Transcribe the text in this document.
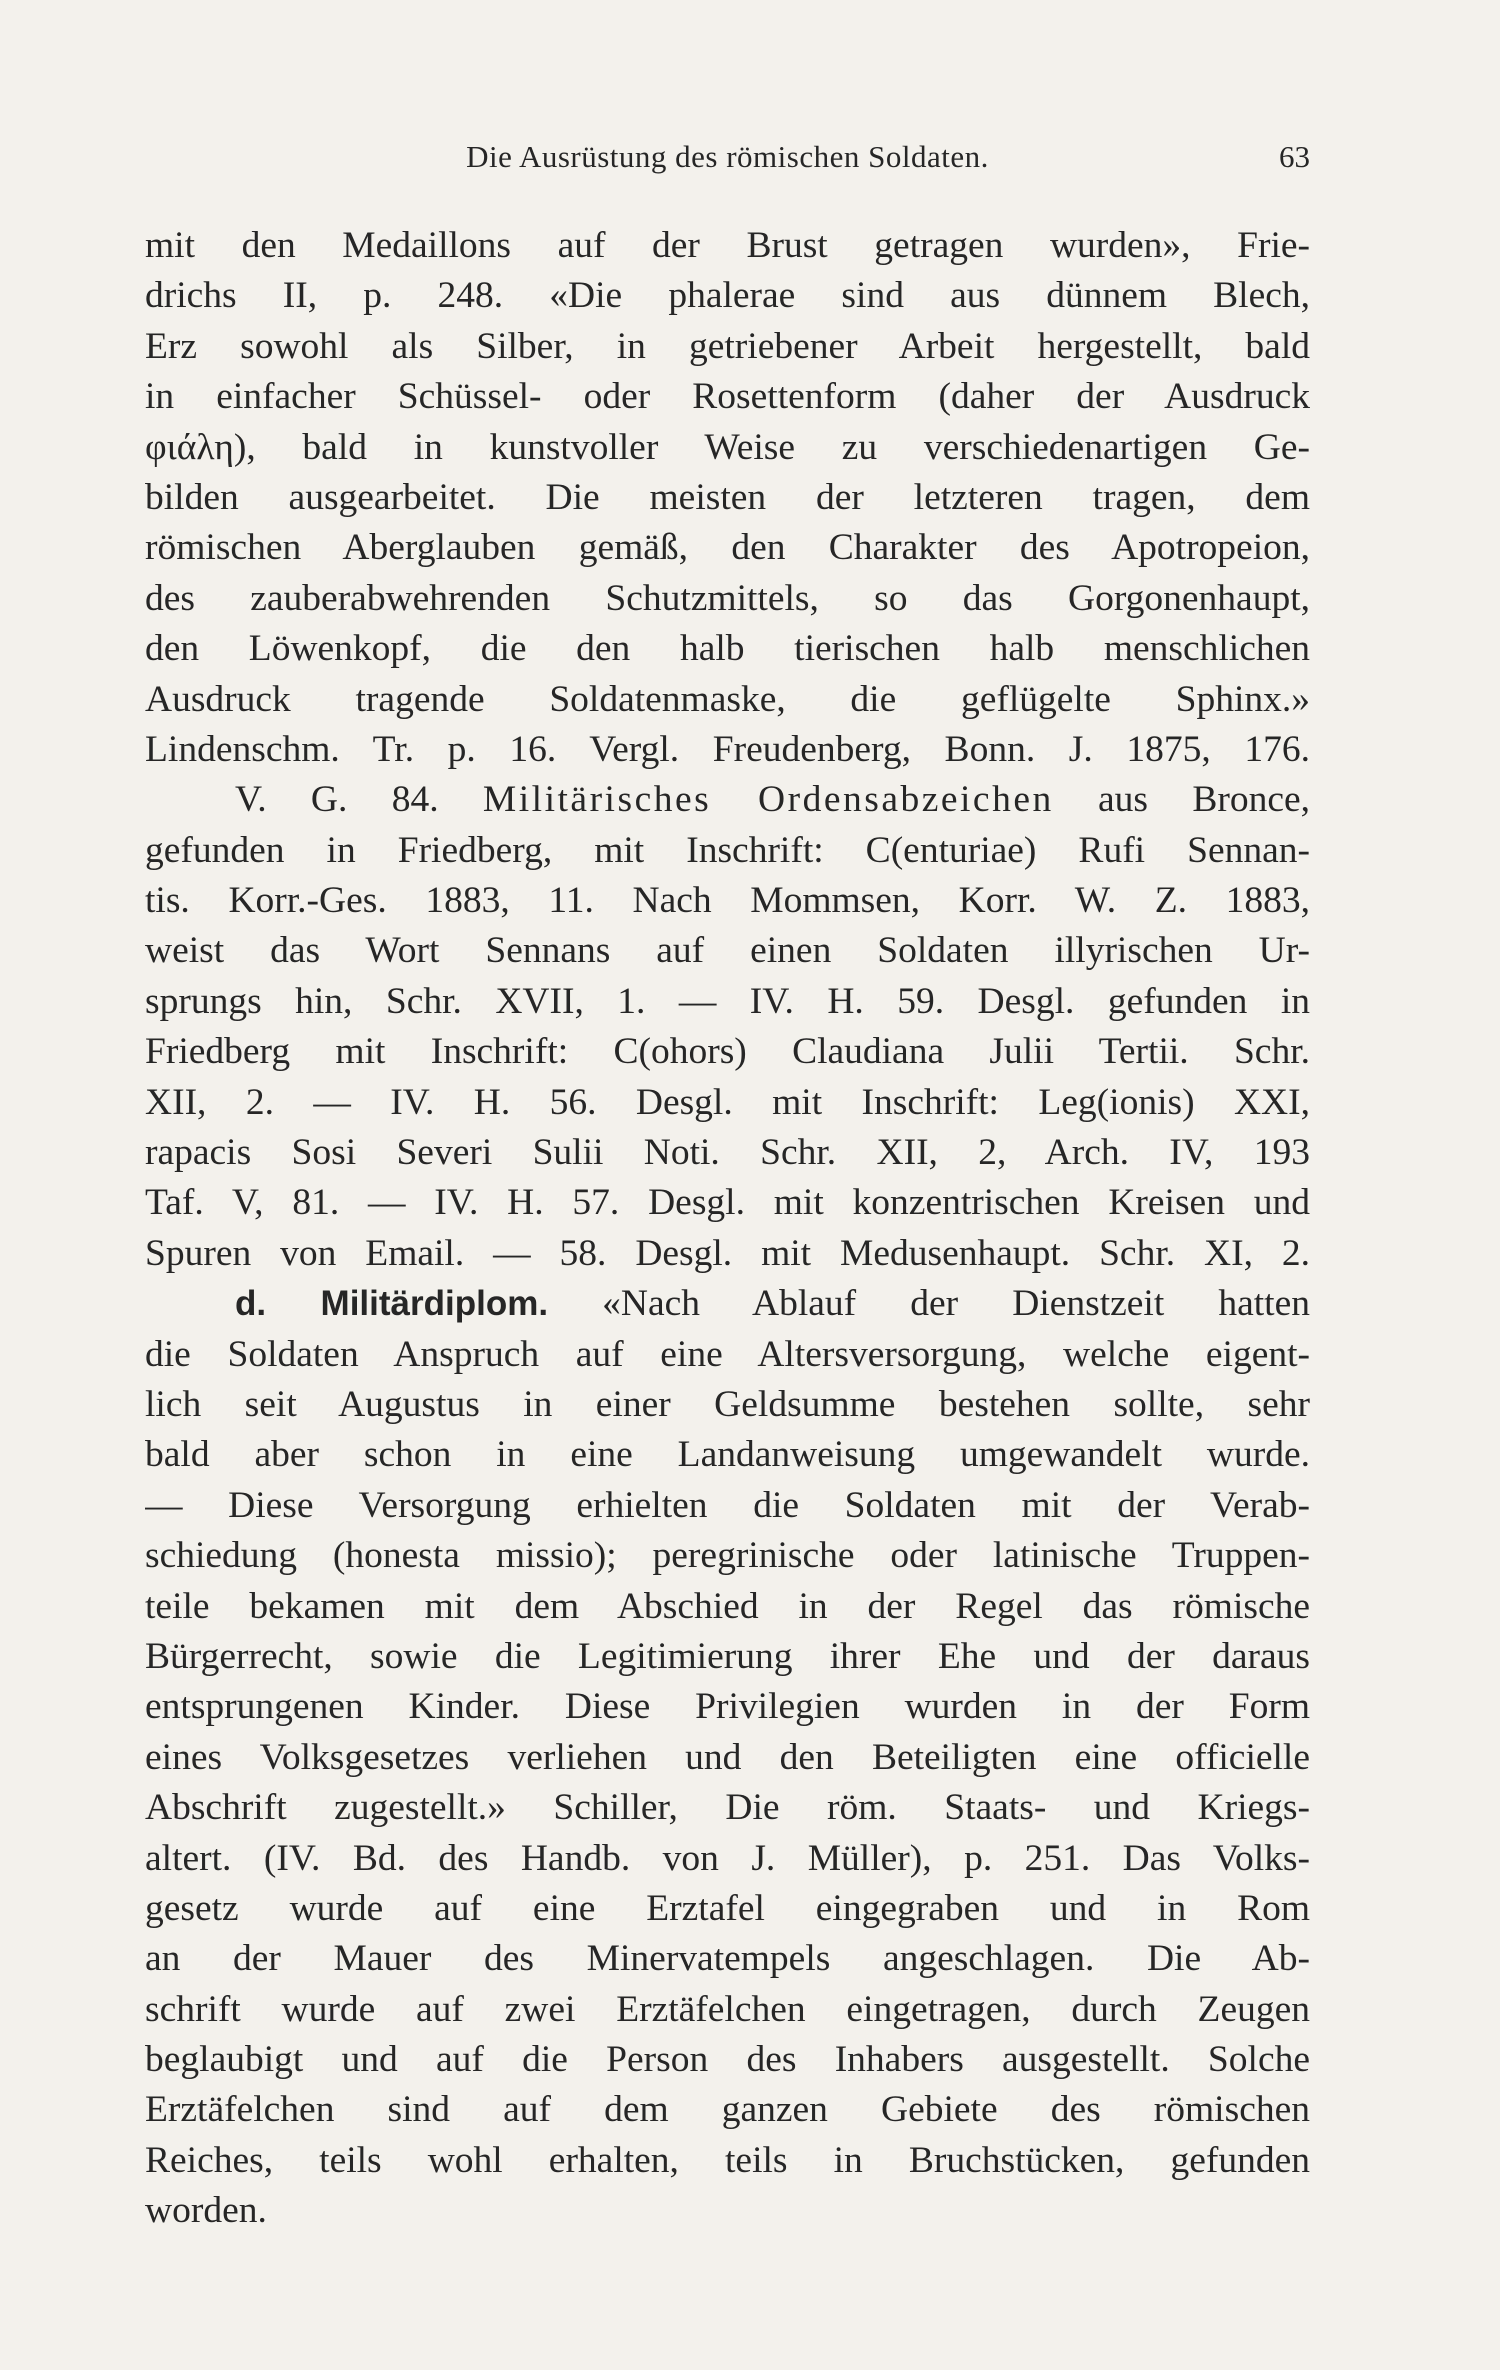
Die Ausrüstung des römischen Soldaten.	63
mit den Medaillons auf der Brust getragen wurden», Frie-
drichs II, p. 248. «Die phalerae sind aus dünnem Blech,
Erz sowohl als Silber, in getriebener Arbeit hergestellt, bald
in einfacher Schüssel- oder Rosettenform (daher der Ausdruck
φιάλη), bald in kunstvoller Weise zu verschiedenartigen Ge-
bilden ausgearbeitet. Die meisten der letzteren tragen, dem
römischen Aberglauben gemäß, den Charakter des Apotropeion,
des zauberabwehrenden Schutzmittels, so das Gorgonenhaupt,
den Löwenkopf, die den halb tierischen halb menschlichen
Ausdruck tragende Soldatenmaske, die geflügelte Sphinx.»
Lindenschm. Tr. p. 16. Vergl. Freudenberg, Bonn. J. 1875, 176.
V. G. 84. Militärisches Ordensabzeichen aus Bronce,
gefunden in Friedberg, mit Inschrift: C(enturiae) Rufi Sennan-
tis. Korr.-Ges. 1883, 11. Nach Mommsen, Korr. W. Z. 1883,
weist das Wort Sennans auf einen Soldaten illyrischen Ur-
sprungs hin, Schr. XVII, 1. — IV. H. 59. Desgl. gefunden in
Friedberg mit Inschrift: C(ohors) Claudiana Julii Tertii. Schr.
XII, 2. — IV. H. 56. Desgl. mit Inschrift: Leg(ionis) XXI,
rapacis Sosi Severi Sulii Noti. Schr. XII, 2, Arch. IV, 193
Taf. V, 81. — IV. H. 57. Desgl. mit konzentrischen Kreisen und
Spuren von Email. — 58. Desgl. mit Medusenhaupt. Schr. XI, 2.
d. Militärdiplom. «Nach Ablauf der Dienstzeit hatten
die Soldaten Anspruch auf eine Altersversorgung, welche eigent-
lich seit Augustus in einer Geldsumme bestehen sollte, sehr
bald aber schon in eine Landanweisung umgewandelt wurde.
— Diese Versorgung erhielten die Soldaten mit der Verab-
schiedung (honesta missio); peregrinische oder latinische Truppen-
teile bekamen mit dem Abschied in der Regel das römische
Bürgerrecht, sowie die Legitimierung ihrer Ehe und der daraus
entsprungenen Kinder. Diese Privilegien wurden in der Form
eines Volksgesetzes verliehen und den Beteiligten eine officielle
Abschrift zugestellt.» Schiller, Die röm. Staats- und Kriegs-
altert. (IV. Bd. des Handb. von J. Müller), p. 251. Das Volks-
gesetz wurde auf eine Erztafel eingegraben und in Rom
an der Mauer des Minervatempels angeschlagen. Die Ab-
schrift wurde auf zwei Erztäfelchen eingetragen, durch Zeugen
beglaubigt und auf die Person des Inhabers ausgestellt. Solche
Erztäfelchen sind auf dem ganzen Gebiete des römischen
Reiches, teils wohl erhalten, teils in Bruchstücken, gefunden
worden.
